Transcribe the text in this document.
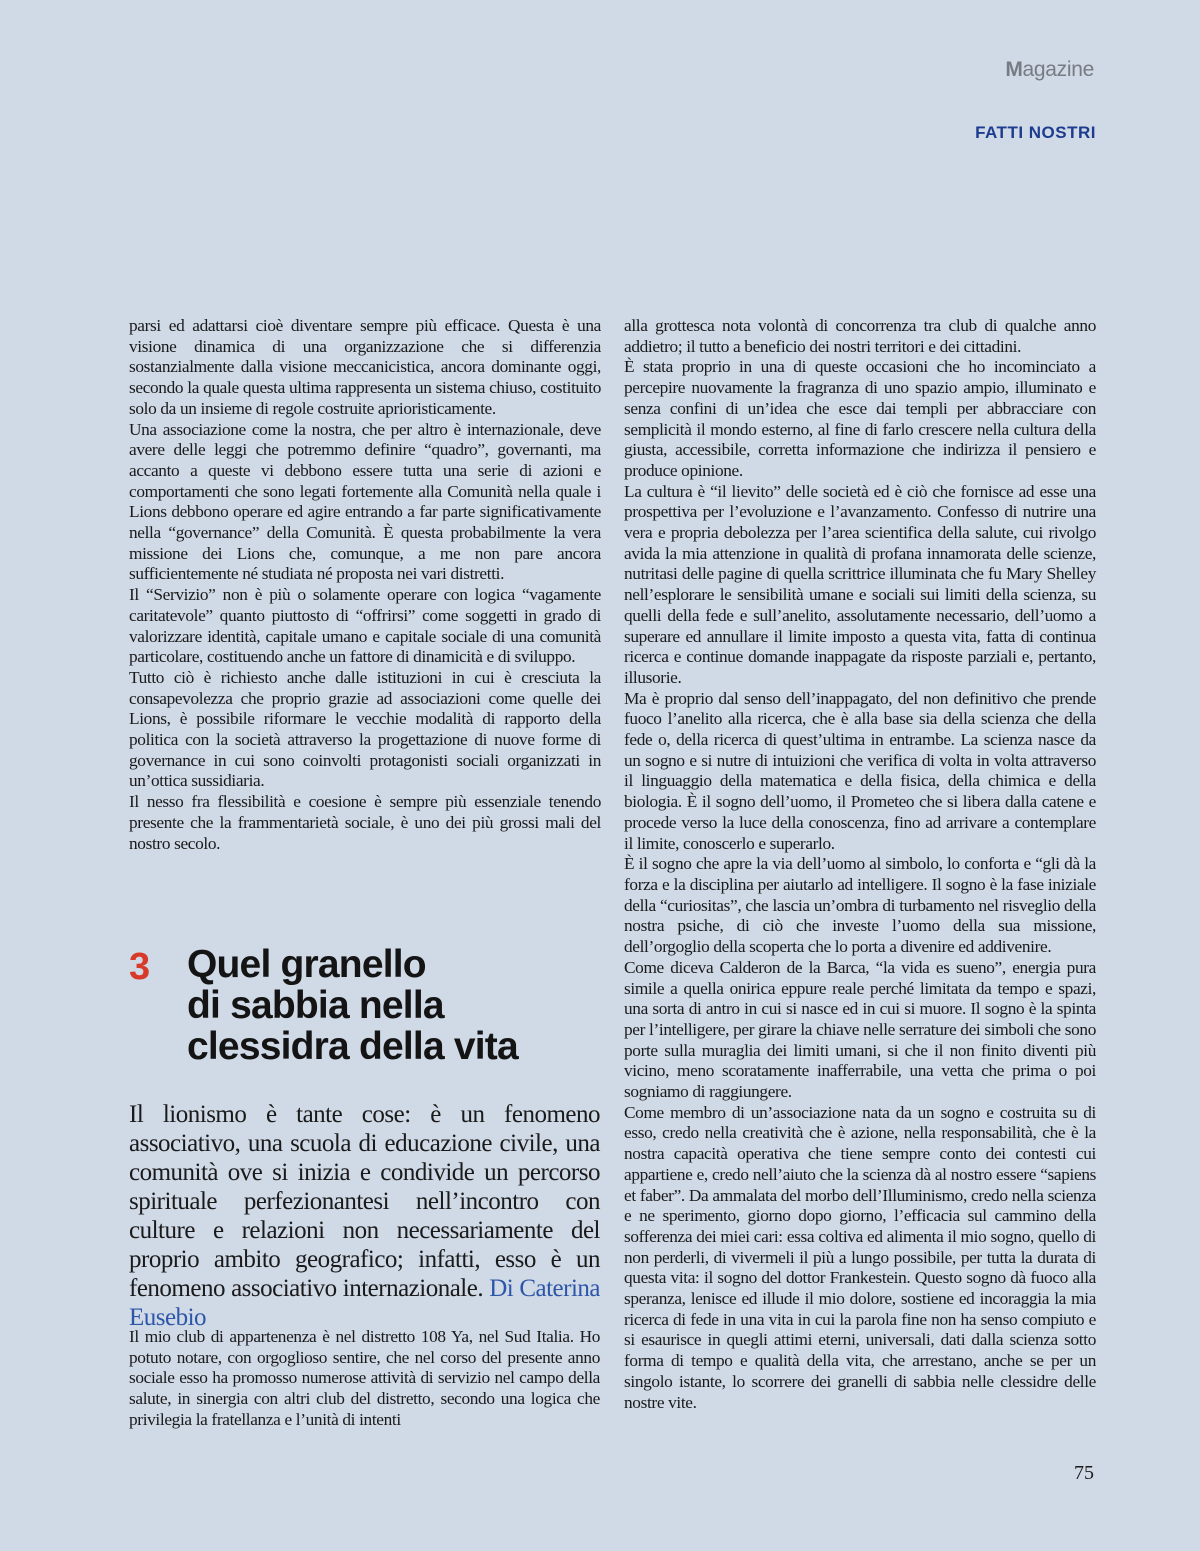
Magazine
FATTI NOSTRI

parsi ed adattarsi cioè diventare sempre più efficace. Questa è una visione dinamica di una organizzazione che si differenzia sostanzialmente dalla visione meccanicistica, ancora dominante oggi, secondo la quale questa ultima rappresenta un sistema chiuso, costituito solo da un insieme di regole costruite aprioristicamente.

Una associazione come la nostra, che per altro è internazionale, deve avere delle leggi che potremmo definire “quadro”, governanti, ma accanto a queste vi debbono essere tutta una serie di azioni e comportamenti che sono legati fortemente alla Comunità nella quale i Lions debbono operare ed agire entrando a far parte significativamente nella “governance” della Comunità. È questa probabilmente la vera missione dei Lions che, comunque, a me non pare ancora sufficientemente né studiata né proposta nei vari distretti.

Il “Servizio” non è più o solamente operare con logica “vagamente caritatevole” quanto piuttosto di “offrirsi” come soggetti in grado di valorizzare identità, capitale umano e capitale sociale di una comunità particolare, costituendo anche un fattore di dinamicità e di sviluppo.

Tutto ciò è richiesto anche dalle istituzioni in cui è cresciuta la consapevolezza che proprio grazie ad associazioni come quelle dei Lions, è possibile riformare le vecchie modalità di rapporto della politica con la società attraverso la progettazione di nuove forme di governance in cui sono coinvolti protagonisti sociali organizzati in un’ottica sussidiaria.

Il nesso fra flessibilità e coesione è sempre più essenziale tenendo presente che la frammentarietà sociale, è uno dei più grossi mali del nostro secolo.

3 Quel granello
di sabbia nella
clessidra della vita
Il lionismo è tante cose: è un fenomeno associativo, una scuola di educazione civile, una comunità ove si inizia e condivide un percorso spirituale perfezionantesi nell’incontro con culture e relazioni non necessariamente del proprio ambito geografico; infatti, esso è un fenomeno associativo internazionale. Di Caterina Eusebio
Il mio club di appartenenza è nel distretto 108 Ya, nel Sud Italia. Ho potuto notare, con orgoglioso sentire, che nel corso del presente anno sociale esso ha promosso numerose attività di servizio nel campo della salute, in sinergia con altri club del distretto, secondo una logica che privilegia la fratellanza e l’unità di intenti

alla grottesca nota volontà di concorrenza tra club di qualche anno addietro; il tutto a beneficio dei nostri territori e dei cittadini.

È stata proprio in una di queste occasioni che ho incominciato a percepire nuovamente la fragranza di uno spazio ampio, illuminato e senza confini di un’idea che esce dai templi per abbracciare con semplicità il mondo esterno, al fine di farlo crescere nella cultura della giusta, accessibile, corretta informazione che indirizza il pensiero e produce opinione.

La cultura è “il lievito” delle società ed è ciò che fornisce ad esse una prospettiva per l’evoluzione e l’avanzamento. Confesso di nutrire una vera e propria debolezza per l’area scientifica della salute, cui rivolgo avida la mia attenzione in qualità di profana innamorata delle scienze, nutritasi delle pagine di quella scrittrice illuminata che fu Mary Shelley nell’esplorare le sensibilità umane e sociali sui limiti della scienza, su quelli della fede e sull’anelito, assolutamente necessario, dell’uomo a superare ed annullare il limite imposto a questa vita, fatta di continua ricerca e continue domande inappagate da risposte parziali e, pertanto, illusorie.

Ma è proprio dal senso dell’inappagato, del non definitivo che prende fuoco l’anelito alla ricerca, che è alla base sia della scienza che della fede o, della ricerca di quest’ultima in entrambe. La scienza nasce da un sogno e si nutre di intuizioni che verifica di volta in volta attraverso il linguaggio della matematica e della fisica, della chimica e della biologia. È il sogno dell’uomo, il Prometeo che si libera dalla catene e procede verso la luce della conoscenza, fino ad arrivare a contemplare il limite, conoscerlo e superarlo.

È il sogno che apre la via dell’uomo al simbolo, lo conforta e “gli dà la forza e la disciplina per aiutarlo ad intelligere. Il sogno è la fase iniziale della “curiositas”, che lascia un’ombra di turbamento nel risveglio della nostra psiche, di ciò che investe l’uomo della sua missione, dell’orgoglio della scoperta che lo porta a divenire ed addivenire.

Come diceva Calderon de la Barca, “la vida es sueno”, energia pura simile a quella onirica eppure reale perché limitata da tempo e spazi, una sorta di antro in cui si nasce ed in cui si muore. Il sogno è la spinta per l’intelligere, per girare la chiave nelle serrature dei simboli che sono porte sulla muraglia dei limiti umani, si che il non finito diventi più vicino, meno scoratamente inafferrabile, una vetta che prima o poi sogniamo di raggiungere.

Come membro di un’associazione nata da un sogno e costruita su di esso, credo nella creatività che è azione, nella responsabilità, che è la nostra capacità operativa che tiene sempre conto dei contesti cui appartiene e, credo nell’aiuto che la scienza dà al nostro essere “sapiens et faber”. Da ammalata del morbo dell’Illuminismo, credo nella scienza e ne sperimento, giorno dopo giorno, l’efficacia sul cammino della sofferenza dei miei cari: essa coltiva ed alimenta il mio sogno, quello di non perderli, di vivermeli il più a lungo possibile, per tutta la durata di questa vita: il sogno del dottor Frankestein. Questo sogno dà fuoco alla speranza, lenisce ed illude il mio dolore, sostiene ed incoraggia la mia ricerca di fede in una vita in cui la parola fine non ha senso compiuto e si esaurisce in quegli attimi eterni, universali, dati dalla scienza sotto forma di tempo e qualità della vita, che arrestano, anche se per un singolo istante, lo scorrere dei granelli di sabbia nelle clessidre delle nostre vite.

75
